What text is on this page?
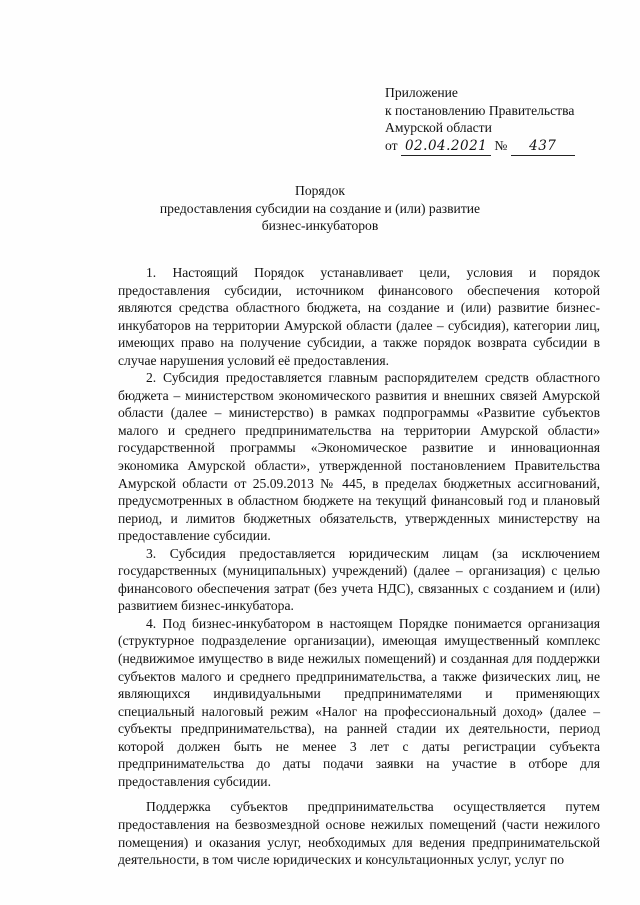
Приложение
к постановлению Правительства
Амурской области
от 02.04.2021 № 437
Порядок
предоставления субсидии на создание и (или) развитие
бизнес-инкубаторов

1. Настоящий Порядок устанавливает цели, условия и порядок предоставления субсидии, источником финансового обеспечения которой являются средства областного бюджета, на создание и (или) развитие бизнес-инкубаторов на территории Амурской области (далее – субсидия), категории лиц, имеющих право на получение субсидии, а также порядок возврата субсидии в случае нарушения условий её предоставления.

2. Субсидия предоставляется главным распорядителем средств областного бюджета – министерством экономического развития и внешних связей Амурской области (далее – министерство) в рамках подпрограммы «Развитие субъектов малого и среднего предпринимательства на территории Амурской области» государственной программы «Экономическое развитие и инновационная экономика Амурской области», утвержденной постановлением Правительства Амурской области от 25.09.2013 № 445, в пределах бюджетных ассигнований, предусмотренных в областном бюджете на текущий финансовый год и плановый период, и лимитов бюджетных обязательств, утвержденных министерству на предоставление субсидии.

3. Субсидия предоставляется юридическим лицам (за исключением государственных (муниципальных) учреждений) (далее – организация) с целью финансового обеспечения затрат (без учета НДС), связанных с созданием и (или) развитием бизнес-инкубатора.

4. Под бизнес-инкубатором в настоящем Порядке понимается организация (структурное подразделение организации), имеющая имущественный комплекс (недвижимое имущество в виде нежилых помещений) и созданная для поддержки субъектов малого и среднего предпринимательства, а также физических лиц, не являющихся индивидуальными предпринимателями и применяющих специальный налоговый режим «Налог на профессиональный доход» (далее – субъекты предпринимательства), на ранней стадии их деятельности, период которой должен быть не менее 3 лет с даты регистрации субъекта предпринимательства до даты подачи заявки на участие в отборе для предоставления субсидии.

Поддержка субъектов предпринимательства осуществляется путем предоставления на безвозмездной основе нежилых помещений (части нежилого помещения) и оказания услуг, необходимых для ведения предпринимательской деятельности, в том числе юридических и консультационных услуг, услуг по
